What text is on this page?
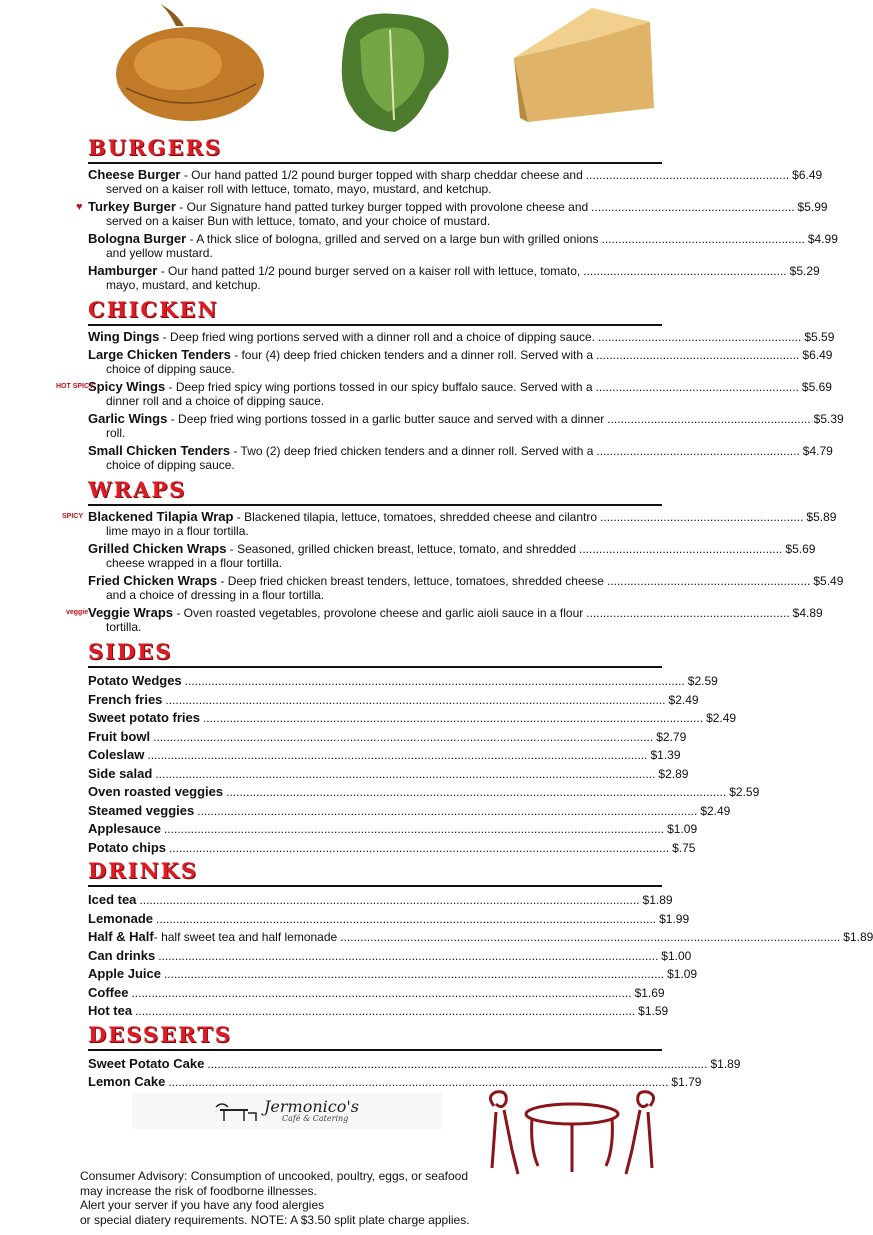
BURGERS
Cheese Burger - Our hand patted 1/2 pound burger topped with sharp cheddar cheese and ............................................................. $6.49
served on a kaiser roll with lettuce, tomato, mayo, mustard, and ketchup.
♥ Turkey Burger - Our Signature hand patted turkey burger topped with provolone cheese and ............................................................. $5.99
served on a kaiser Bun with lettuce, tomato, and your choice of mustard.
Bologna Burger - A thick slice of bologna, grilled and served on a large bun with grilled onions ............................................................. $4.99
and yellow mustard.
Hamburger - Our hand patted 1/2 pound burger served on a kaiser roll with lettuce, tomato, ............................................................. $5.29
mayo, mustard, and ketchup.
CHICKEN
Wing Dings - Deep fried wing portions served with a dinner roll and a choice of dipping sauce. ............................................................. $5.59
Large Chicken Tenders - four (4) deep fried chicken tenders and a dinner roll. Served with a ............................................................. $6.49
choice of dipping sauce.
HOT SPICY
Spicy Wings - Deep fried spicy wing portions tossed in our spicy buffalo sauce. Served with a ............................................................. $5.69
dinner roll and a choice of dipping sauce.
Garlic Wings - Deep fried wing portions tossed in a garlic butter sauce and served with a dinner ............................................................. $5.39
roll.
Small Chicken Tenders - Two (2) deep fried chicken tenders and a dinner roll. Served with a ............................................................. $4.79
choice of dipping sauce.
WRAPS
SPICY Blackened Tilapia Wrap - Blackened tilapia, lettuce, tomatoes, shredded cheese and cilantro ............................................................. $5.89
lime mayo in a flour tortilla.
Grilled Chicken Wraps - Seasoned, grilled chicken breast, lettuce, tomato, and shredded ............................................................. $5.69
cheese wrapped in a flour tortilla.
Fried Chicken Wraps - Deep fried chicken breast tenders, lettuce, tomatoes, shredded cheese ............................................................. $5.49
and a choice of dressing in a flour tortilla.
veggie Veggie Wraps - Oven roasted vegetables, provolone cheese and garlic aioli sauce in a flour ............................................................. $4.89
tortilla.
SIDES
Potato Wedges ...................................................................................................................................................... $2.59
French fries ...................................................................................................................................................... $2.49
Sweet potato fries ...................................................................................................................................................... $2.49
Fruit bowl ...................................................................................................................................................... $2.79
Coleslaw ...................................................................................................................................................... $1.39
Side salad ...................................................................................................................................................... $2.89
Oven roasted veggies ...................................................................................................................................................... $2.59
Steamed veggies ...................................................................................................................................................... $2.49
Applesauce ...................................................................................................................................................... $1.09
Potato chips ...................................................................................................................................................... $.75
DRINKS
Iced tea ...................................................................................................................................................... $1.89
Lemonade ...................................................................................................................................................... $1.99
Half & Half - half sweet tea and half lemonade ...................................................................................................................................................... $1.89
Can drinks ...................................................................................................................................................... $1.00
Apple Juice ...................................................................................................................................................... $1.09
Coffee ...................................................................................................................................................... $1.69
Hot tea ...................................................................................................................................................... $1.59
DESSERTS
Sweet Potato Cake ...................................................................................................................................................... $1.89
Lemon Cake ...................................................................................................................................................... $1.79
Jermonico's
Café & Catering
Consumer Advisory: Consumption of uncooked, poultry, eggs, or seafood
may increase the risk of foodborne illnesses.
Alert your server if you have any food alergies
or special diatery requirements. NOTE: A $3.50 split plate charge applies.
